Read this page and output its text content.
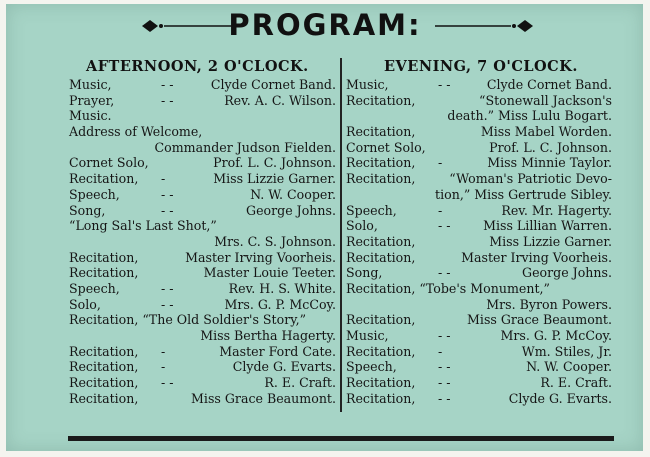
PROGRAM:
AFTERNOON, 2 O'CLOCK.	EVENING, 7 O'CLOCK.
Music,	- -	Clyde Cornet Band.
Prayer,	- -	Rev. A. C. Wilson.
Music.
Address of Welcome,
Commander Judson Fielden.
Cornet Solo,	Prof. L. C. Johnson.
Recitation, -	Miss Lizzie Garner.
Speech,	- -	N. W. Cooper.
Song,	- -	George Johns.
“Long Sal's Last Shot,”
Mrs. C. S. Johnson.
Recitation,	Master Irving Voorheis.
Recitation,	Master Louie Teeter.
Speech,	- -	Rev. H. S. White.
Solo,	- -	Mrs. G. P. McCoy.
Recitation, “The Old Soldier's Story,”
Miss Bertha Hagerty.
Recitation, -	Master Ford Cate.
Recitation, -	Clyde G. Evarts.
Recitation, - -	R. E. Craft.
Recitation,	Miss Grace Beaumont.
Music,	- -	Clyde Cornet Band.
Recitation,	“Stonewall Jackson's
death.” Miss Lulu Bogart.
Recitation,	Miss Mabel Worden.
Cornet Solo,	Prof. L. C. Johnson.
Recitation, -	Miss Minnie Taylor.
Recitation,	“Woman's Patriotic Devo-
tion,” Miss Gertrude Sibley.
Speech,	-	Rev. Mr. Hagerty.
Solo,	- -	Miss Lillian Warren.
Recitation,	Miss Lizzie Garner.
Recitation,	Master Irving Voorheis.
Song,	- -	George Johns.
Recitation, “Tobe's Monument,”
Mrs. Byron Powers.
Recitation,	Miss Grace Beaumont.
Music,	- -	Mrs. G. P. McCoy.
Recitation, -	Wm. Stiles, Jr.
Speech,	- -	N. W. Cooper.
Recitation, - -	R. E. Craft.
Recitation, - -	Clyde G. Evarts.
